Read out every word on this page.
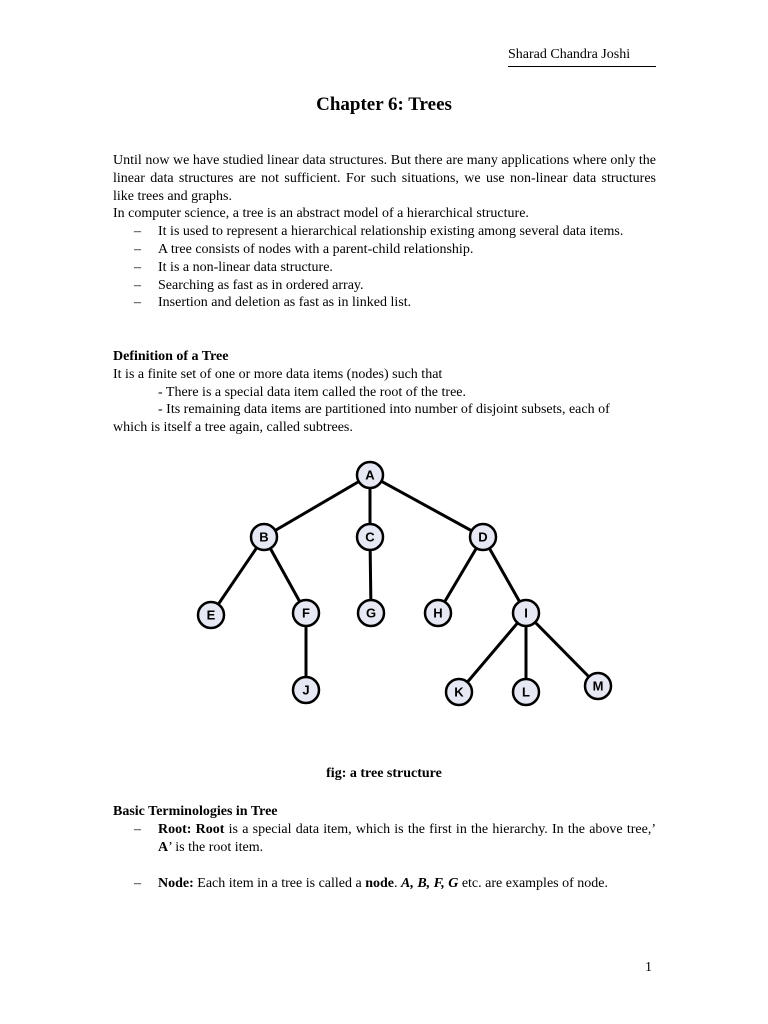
Sharad Chandra Joshi
Chapter 6: Trees

Until now we have studied linear data structures. But there are many applications where only the linear data structures are not sufficient. For such situations, we use non-linear data structures like trees and graphs.

In computer science, a tree is an abstract model of a hierarchical structure.

– It is used to represent a hierarchical relationship existing among several data items.
– A tree consists of nodes with a parent-child relationship.
– It is a non-linear data structure.
– Searching as fast as in ordered array.
– Insertion and deletion as fast as in linked list.

Definition of a Tree

It is a finite set of one or more data items (nodes) such that

- There is a special data item called the root of the tree.

- Its remaining data items are partitioned into number of disjoint subsets, each of

which is itself a tree again, called subtrees.

A
B	C	D
E	F	G	H	I
J	K	L	M
fig: a tree structure

Basic Terminologies in Tree

– Root: Root is a special data item, which is the first in the hierarchy. In the above tree,’ A’ is the root item.
– Node: Each item in a tree is called a node. A, B, F, G etc. are examples of node.
1
